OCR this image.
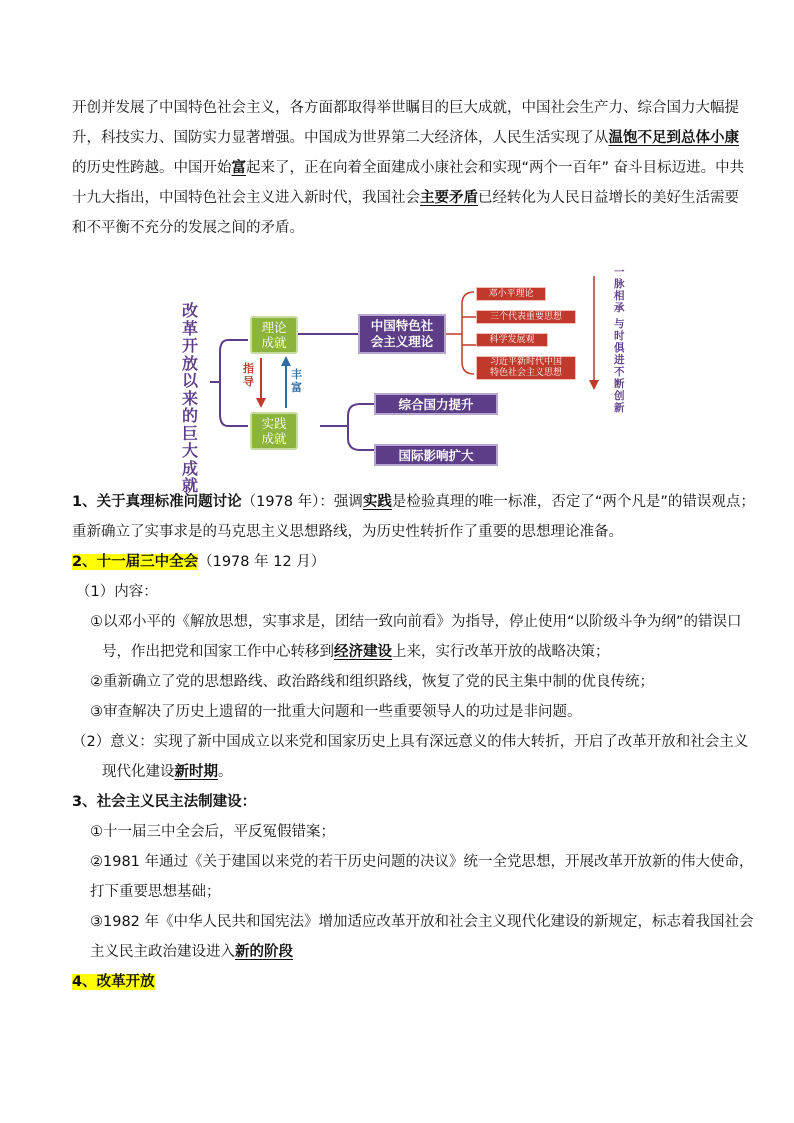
开创并发展了中国特色社会主义，各方面都取得举世瞩目的巨大成就，中国社会生产力、综合国力大幅提
升，科技实力、国防实力显著增强。中国成为世界第二大经济体，人民生活实现了从温饱不足到总体小康
的历史性跨越。中国开始富起来了，正在向着全面建成小康社会和实现“两个一百年” 奋斗目标迈进。中共
十九大指出，中国特色社会主义进入新时代，我国社会主要矛盾已经转化为人民日益增长的美好生活需要
和不平衡不充分的发展之间的矛盾。
改革开放以来的巨大成就
理论
成就
实践
成就
指导
丰富
中国特色社
会主义理论
邓小平理论
三个代表重要思想
科学发展观
习近平新时代中国
特色社会主义思想
综合国力提升
国际影响扩大
一脉相承
与时俱进
不断创新
1、关于真理标准问题讨论（1978 年）：强调实践是检验真理的唯一标准，否定了“两个凡是”的错误观点；
重新确立了实事求是的马克思主义思想路线，为历史性转折作了重要的思想理论准备。
2、十一届三中全会（1978 年 12 月）
（1）内容：
①以邓小平的《解放思想，实事求是，团结一致向前看》为指导，停止使用“以阶级斗争为纲”的错误口
号，作出把党和国家工作中心转移到经济建设上来，实行改革开放的战略决策；
②重新确立了党的思想路线、政治路线和组织路线，恢复了党的民主集中制的优良传统；
③审查解决了历史上遗留的一批重大问题和一些重要领导人的功过是非问题。
（2）意义：实现了新中国成立以来党和国家历史上具有深远意义的伟大转折，开启了改革开放和社会主义
现代化建设新时期。
3、社会主义民主法制建设：
①十一届三中全会后，平反冤假错案；
②1981 年通过《关于建国以来党的若干历史问题的决议》统一全党思想，开展改革开放新的伟大使命，
打下重要思想基础；
③1982 年《中华人民共和国宪法》增加适应改革开放和社会主义现代化建设的新规定，标志着我国社会
主义民主政治建设进入新的阶段
4、改革开放
